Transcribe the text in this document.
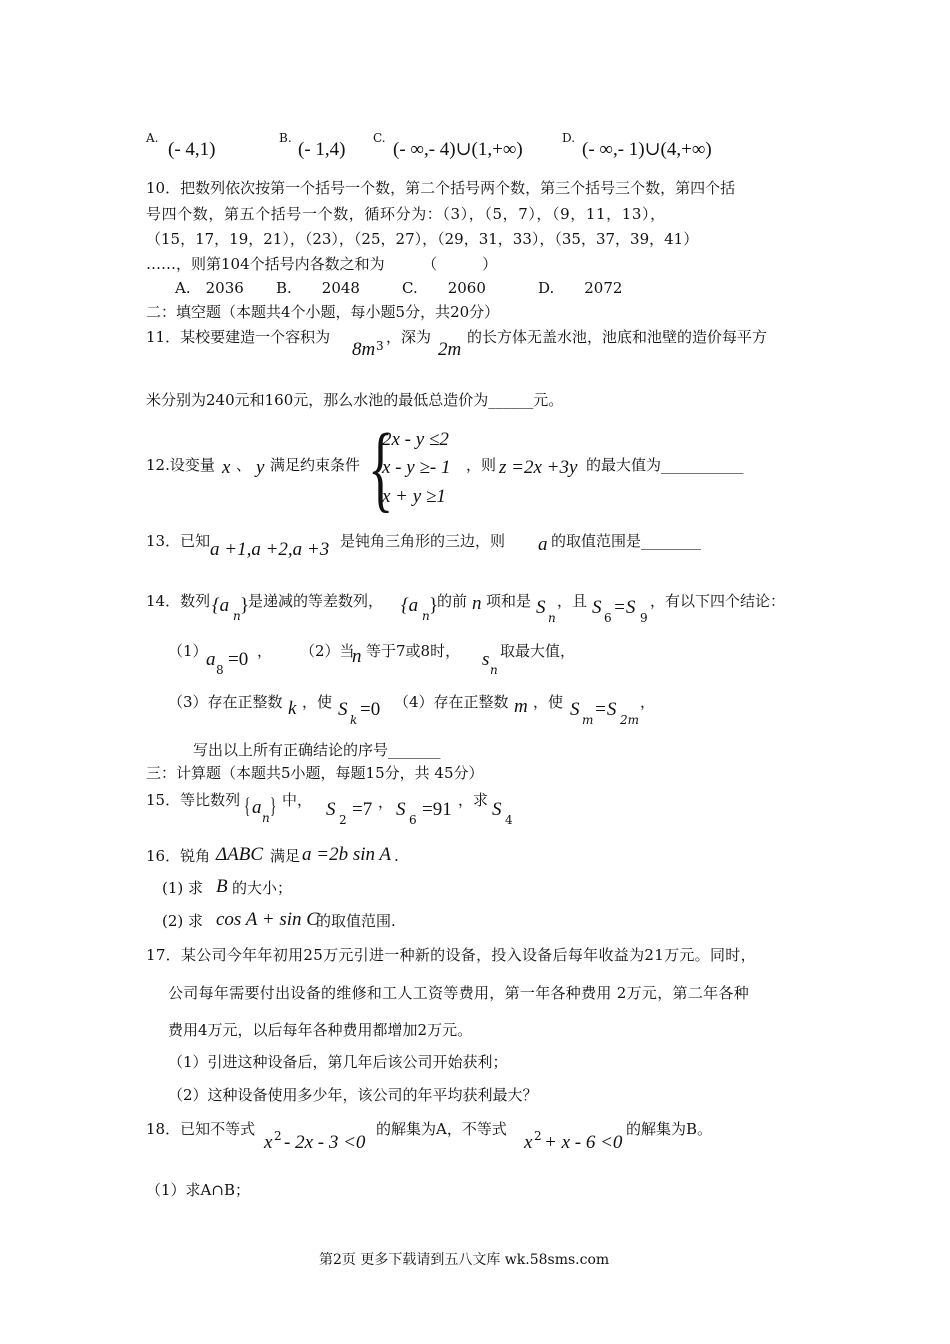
A.
(- 4,1)
B.
(- 1,4)
C.
(- ∞,- 4)∪(1,+∞)
D.
(- ∞,- 1)∪(4,+∞)
10．把数列依次按第一个括号一个数，第二个括号两个数，第三个括号三个数，第四个括
号四个数，第五个括号一个数，循环分为：（3），（5，7），（9，11，13），
（15，17，19，21），（23），（25，27），（29，31，33），（35，37，39，41）
……，则第104个括号内各数之和为　　　（　　　）
A.　2036 B.　　2048	C.　　2060	D.　　2072
二：填空题（本题共4个小题，每小题5分，共20分）
11．某校要建造一个容积为
8m 3 ，深为
2m
的长方体无盖水池，池底和池壁的造价每平方
米分别为240元和160元，那么水池的最低总造价为______元。
12.设变量 x 、 y 满足约束条件 {
2x - y ≤2
x - y ≥- 1
x + y ≥1
，则 z =2x +3y 的最大值为___________
13．已知 a +1,a +2,a +3 是钝角三角形的三边，则 a 的取值范围是________
14．数列 {a n }
是递减的等差数列， {a n }
的前 n 项和是 S n
，且 S 6 =S 9
，有以下四个结论：
（1）
a 8 =0 ， （2）当
n 等于7或8时， s n
取最大值，
（3）存在正整数 k ，使 S k =0 （4）存在正整数 m ，使 S m =S 2m
，
写出以上所有正确结论的序号_______
三：计算题（本题共5小题，每题15分，共 45分）
15．等比数列 { a n } 中， S 2 =7 ， S 6 =91 ，求 S 4
16．锐角 ΔABC 满足 a =2b sin A .
(1) 求 B 的大小；
(2) 求 cos A + sin C
的取值范围.
17．某公司今年年初用25万元引进一种新的设备，投入设备后每年收益为21万元。同时，
公司每年需要付出设备的维修和工人工资等费用，第一年各种费用 2万元，第二年各种
费用4万元，以后每年各种费用都增加2万元。
（1）引进这种设备后，第几年后该公司开始获利；
（2）这种设备使用多少年，该公司的年平均获利最大？
18．已知不等式
x 2 - 2x - 3 <0
的解集为A，不等式
x 2 + x - 6 <0
的解集为B。
（1）求A∩B；
第2页 更多下载请到五八文库 wk.58sms.com
